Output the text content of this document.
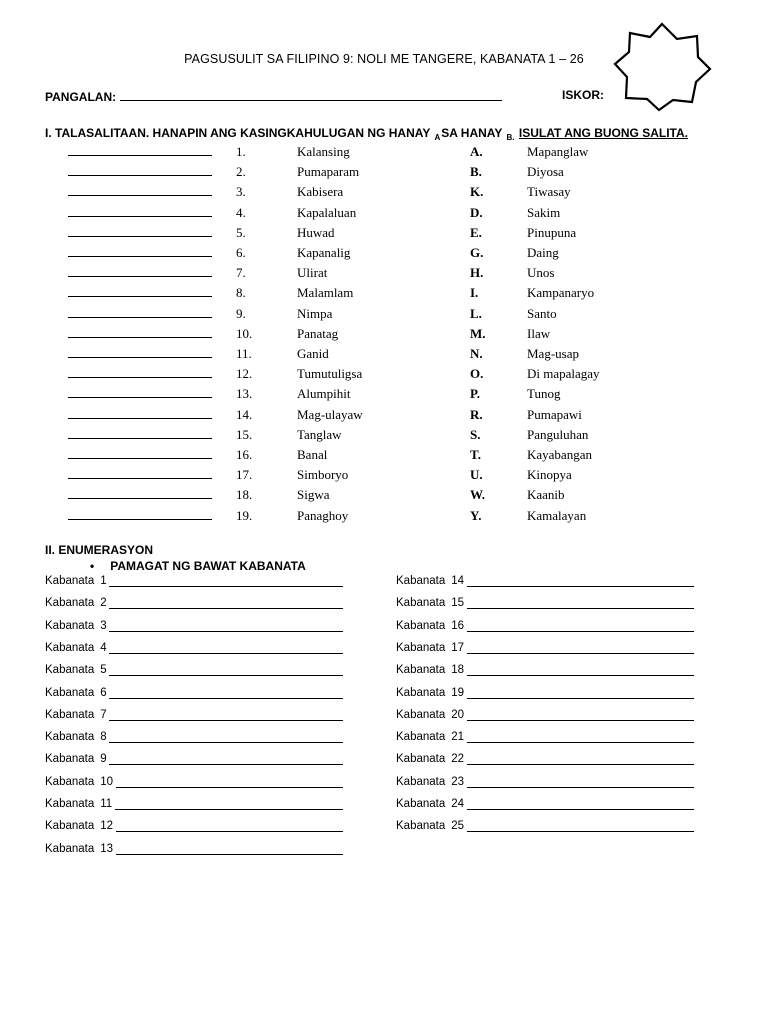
PAGSUSULIT SA FILIPINO 9: NOLI ME TANGERE, KABANATA 1 – 26
PANGALAN:	ISKOR:
I. TALASALITAAN. HANAPIN ANG KASINGKAHULUGAN NG HANAY $_A$SA HANAY $_{B.}$ ISULAT ANG BUONG SALITA.
1.	Kalansing	A.	Mapanglaw
2.	Pumaparam	B.	Diyosa
3.	Kabisera	K.	Tiwasay
4.	Kapalaluan	D.	Sakim
5.	Huwad	E.	Pinupuna
6.	Kapanalig	G.	Daing
7.	Ulirat	H.	Unos
8.	Malamlam	I.	Kampanaryo
9.	Nimpa	L.	Santo
10.	Panatag	M.	Ilaw
11.	Ganid	N.	Mag-usap
12.	Tumutuligsa	O.	Di mapalagay
13.	Alumpihit	P.	Tunog
14.	Mag-ulayaw	R.	Pumapawi
15.	Tanglaw	S.	Panguluhan
16.	Banal	T.	Kayabangan
17.	Simboryo	U.	Kinopya
18.	Sigwa	W.	Kaanib
19.	Panaghoy	Y.	Kamalayan
II. ENUMERASYON
• PAMAGAT NG BAWAT KABANATA
Kabanata 1
Kabanata 2
Kabanata 3
Kabanata 4
Kabanata 5
Kabanata 6
Kabanata 7
Kabanata 8
Kabanata 9
Kabanata 10
Kabanata 11
Kabanata 12
Kabanata 13
Kabanata 14
Kabanata 15
Kabanata 16
Kabanata 17
Kabanata 18
Kabanata 19
Kabanata 20
Kabanata 21
Kabanata 22
Kabanata 23
Kabanata 24
Kabanata 25
